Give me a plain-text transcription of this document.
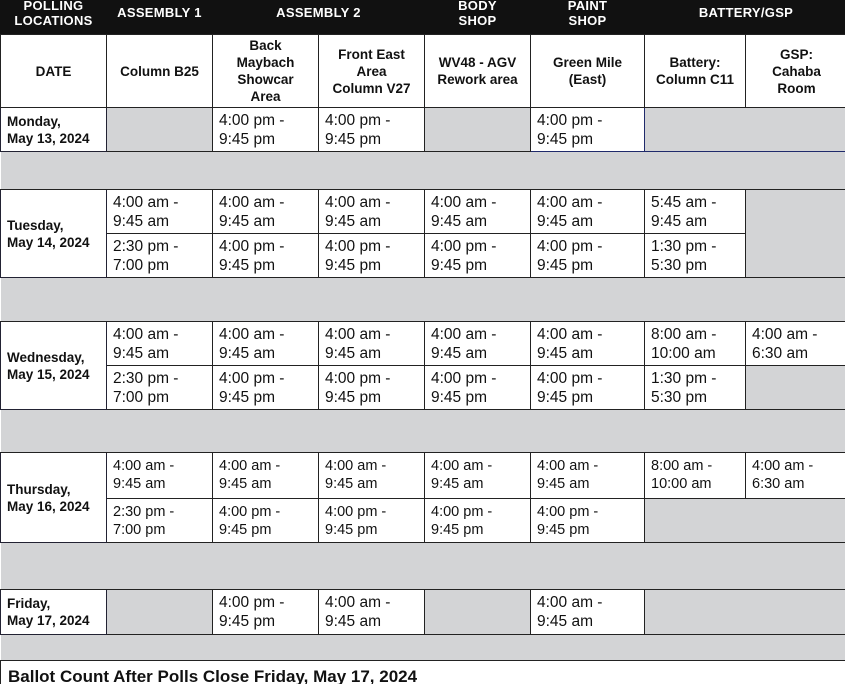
POLLING
LOCATIONS	ASSEMBLY 1	ASSEMBLY 2		BODY
SHOP	PAINT
SHOP	BATTERY/GSP	
DATE	Column B25	Back
Maybach
Showcar
Area	Front East
Area
Column V27	WV48 - AGV
Rework area	Green Mile
(East)	Battery:
Column C11	GSP:
Cahaba
Room
Monday,
May 13, 2024		4:00 pm -
9:45 pm	4:00 pm -
9:45 pm		4:00 pm -
9:45 pm		

Tuesday,
May 14, 2024	4:00 am -
9:45 am	4:00 am -
9:45 am	4:00 am -
9:45 am	4:00 am -
9:45 am	4:00 am -
9:45 am	5:45 am -
9:45 am	
	2:30 pm -
7:00 pm	4:00 pm -
9:45 pm	4:00 pm -
9:45 pm	4:00 pm -
9:45 pm	4:00 pm -
9:45 pm	1:30 pm -
5:30 pm	

Wednesday,
May 15, 2024	4:00 am -
9:45 am	4:00 am -
9:45 am	4:00 am -
9:45 am	4:00 am -
9:45 am	4:00 am -
9:45 am	8:00 am -
10:00 am	4:00 am -
6:30 am
	2:30 pm -
7:00 pm	4:00 pm -
9:45 pm	4:00 pm -
9:45 pm	4:00 pm -
9:45 pm	4:00 pm -
9:45 pm	1:30 pm -
5:30 pm	

Thursday,
May 16, 2024	4:00 am -
9:45 am	4:00 am -
9:45 am	4:00 am -
9:45 am	4:00 am -
9:45 am	4:00 am -
9:45 am	8:00 am -
10:00 am	4:00 am -
6:30 am
	2:30 pm -
7:00 pm	4:00 pm -
9:45 pm	4:00 pm -
9:45 pm	4:00 pm -
9:45 pm	4:00 pm -
9:45 pm		

Friday,
May 17, 2024		4:00 pm -
9:45 pm	4:00 am -
9:45 am		4:00 am -
9:45 am		

Ballot Count After Polls Close Friday, May 17, 2024							
